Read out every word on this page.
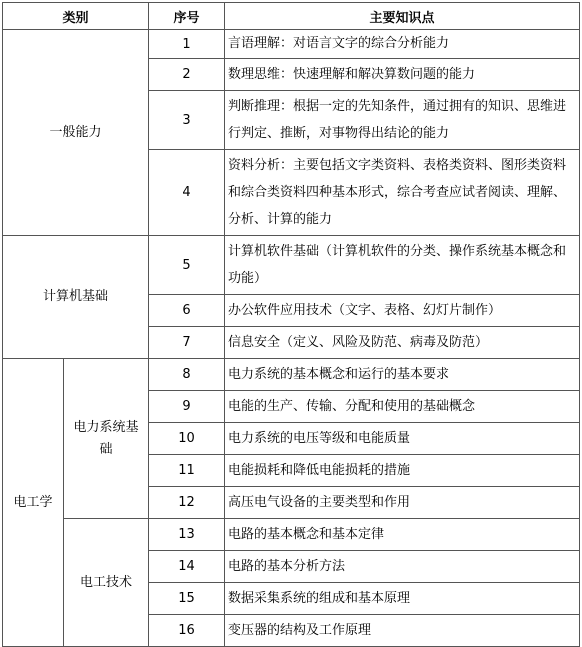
类别		序号	主要知识点
一般能力		1	言语理解：对语言文字的综合分析能力
		2	数理思维：快速理解和解决算数问题的能力
		3	判断推理：根据一定的先知条件，通过拥有的知识、思维进行判定、推断，对事物得出结论的能力
		4	资料分析：主要包括文字类资料、表格类资料、图形类资料和综合类资料四种基本形式，综合考查应试者阅读、理解、分析、计算的能力
计算机基础		5	计算机软件基础（计算机软件的分类、操作系统基本概念和功能）
		6	办公软件应用技术（文字、表格、幻灯片制作）
		7	信息安全（定义、风险及防范、病毒及防范）
电工学	电力系统基础	8	电力系统的基本概念和运行的基本要求
		9	电能的生产、传输、分配和使用的基础概念
		10	电力系统的电压等级和电能质量
		11	电能损耗和降低电能损耗的措施
		12	高压电气设备的主要类型和作用
	电工技术	13	电路的基本概念和基本定律
		14	电路的基本分析方法
		15	数据采集系统的组成和基本原理
		16	变压器的结构及工作原理
